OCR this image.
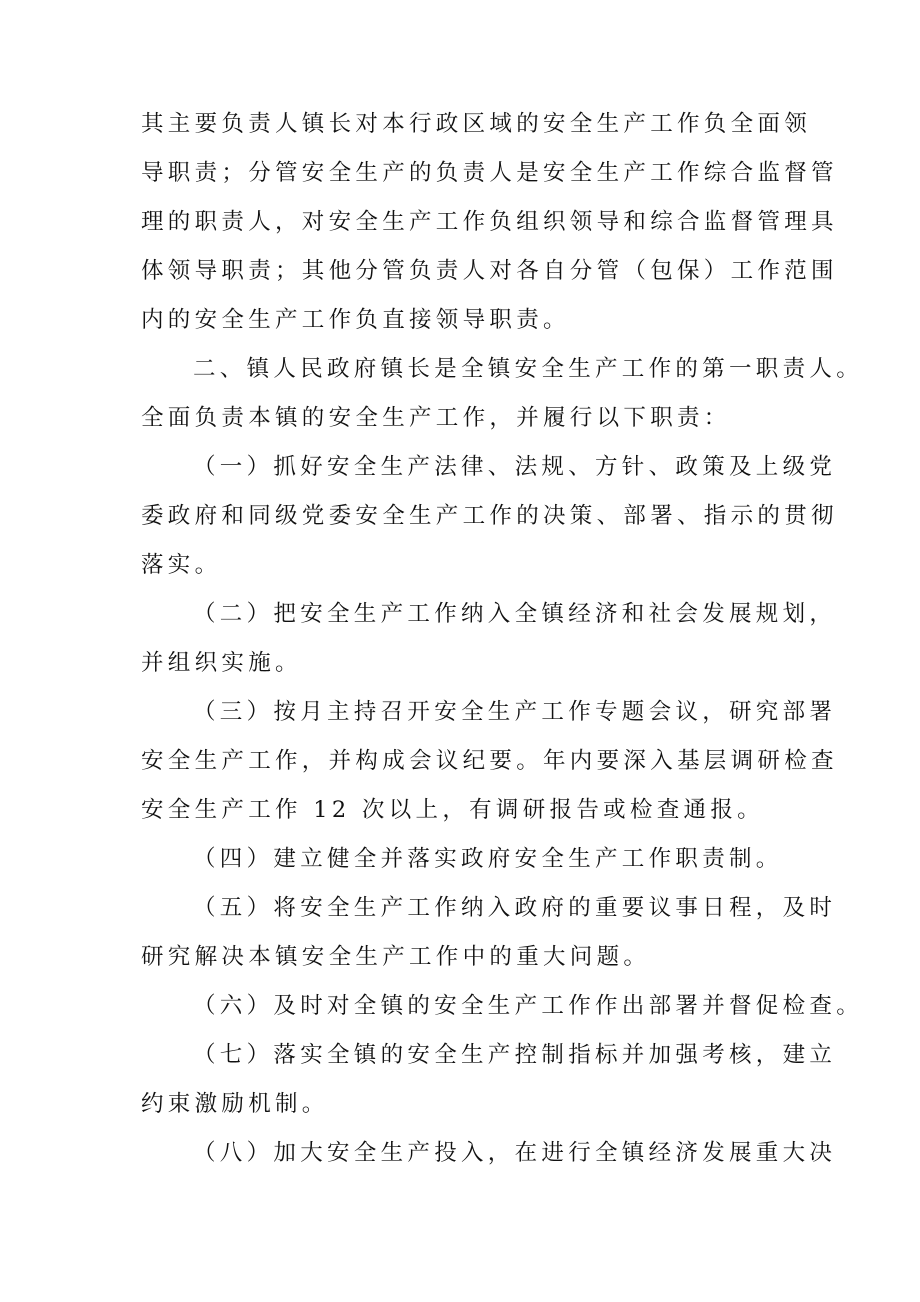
其主要负责人镇长对本行政区域的安全生产工作负全面领
导职责；分管安全生产的负责人是安全生产工作综合监督管
理的职责人，对安全生产工作负组织领导和综合监督管理具
体领导职责；其他分管负责人对各自分管（包保）工作范围
内的安全生产工作负直接领导职责。
二、镇人民政府镇长是全镇安全生产工作的第一职责人。
全面负责本镇的安全生产工作，并履行以下职责：
（一）抓好安全生产法律、法规、方针、政策及上级党
委政府和同级党委安全生产工作的决策、部署、指示的贯彻
落实。
（二）把安全生产工作纳入全镇经济和社会发展规划，
并组织实施。
（三）按月主持召开安全生产工作专题会议，研究部署
安全生产工作，并构成会议纪要。年内要深入基层调研检查
安全生产工作 12 次以上，有调研报告或检查通报。
（四）建立健全并落实政府安全生产工作职责制。
（五）将安全生产工作纳入政府的重要议事日程，及时
研究解决本镇安全生产工作中的重大问题。
（六）及时对全镇的安全生产工作作出部署并督促检查。
（七）落实全镇的安全生产控制指标并加强考核，建立
约束激励机制。
（八）加大安全生产投入，在进行全镇经济发展重大决
